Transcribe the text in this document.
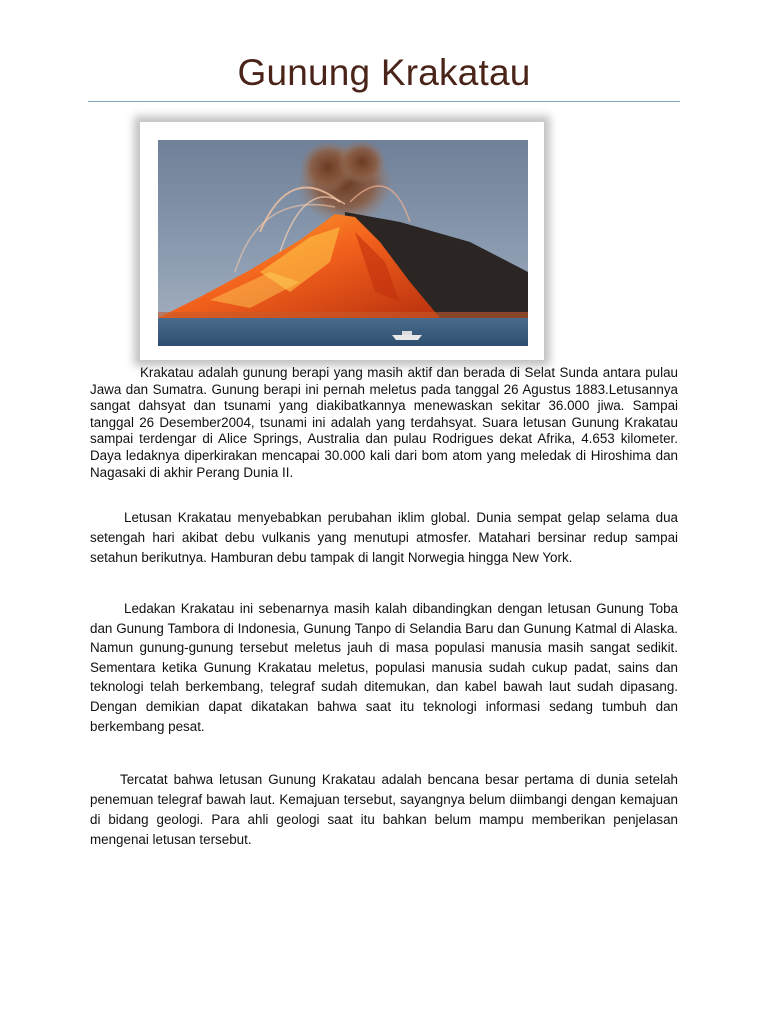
Gunung Krakatau

Krakatau adalah gunung berapi yang masih aktif dan berada di Selat Sunda antara pulau Jawa dan Sumatra. Gunung berapi ini pernah meletus pada tanggal 26 Agustus 1883.Letusannya sangat dahsyat dan tsunami yang diakibatkannya menewaskan sekitar 36.000 jiwa. Sampai tanggal 26 Desember2004, tsunami ini adalah yang terdahsyat. Suara letusan Gunung Krakatau sampai terdengar di Alice Springs, Australia dan pulau Rodrigues dekat Afrika, 4.653 kilometer. Daya ledaknya diperkirakan mencapai 30.000 kali dari bom atom yang meledak di Hiroshima dan Nagasaki di akhir Perang Dunia II.

Letusan Krakatau menyebabkan perubahan iklim global. Dunia sempat gelap selama dua setengah hari akibat debu vulkanis yang menutupi atmosfer. Matahari bersinar redup sampai setahun berikutnya. Hamburan debu tampak di langit Norwegia hingga New York.

Ledakan Krakatau ini sebenarnya masih kalah dibandingkan dengan letusan Gunung Toba dan Gunung Tambora di Indonesia, Gunung Tanpo di Selandia Baru dan Gunung Katmal di Alaska. Namun gunung-gunung tersebut meletus jauh di masa populasi manusia masih sangat sedikit. Sementara ketika Gunung Krakatau meletus, populasi manusia sudah cukup padat, sains dan teknologi telah berkembang, telegraf sudah ditemukan, dan kabel bawah laut sudah dipasang. Dengan demikian dapat dikatakan bahwa saat itu teknologi informasi sedang tumbuh dan berkembang pesat.

Tercatat bahwa letusan Gunung Krakatau adalah bencana besar pertama di dunia setelah penemuan telegraf bawah laut. Kemajuan tersebut, sayangnya belum diimbangi dengan kemajuan di bidang geologi. Para ahli geologi saat itu bahkan belum mampu memberikan penjelasan mengenai letusan tersebut.
